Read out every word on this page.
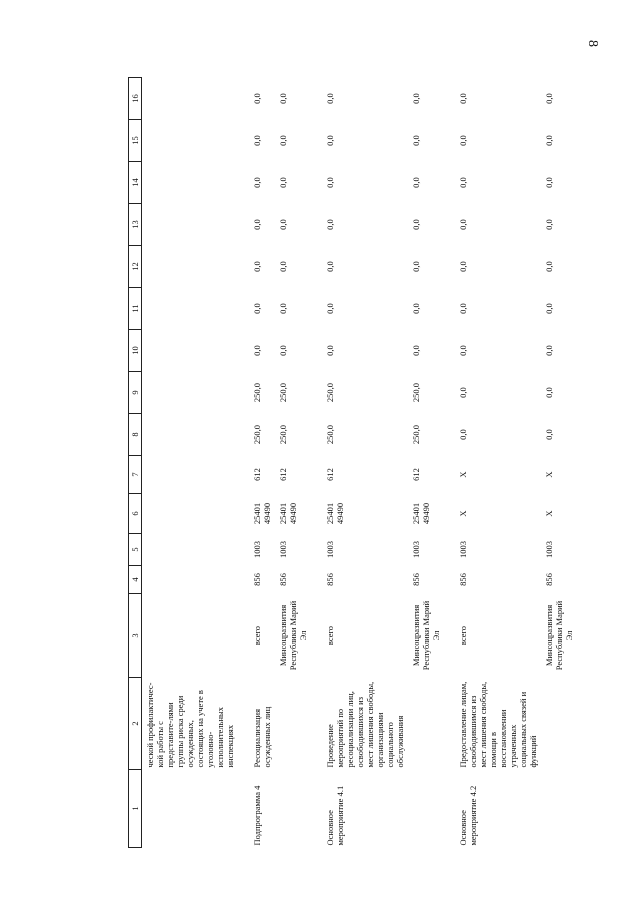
8
1	2	3	4	5	6	7	8	9	10	11	12	13	14	15	16
	ческой профилактичес-кой работы с представите-лями группы риска среди осужденных, состоящих на учете в уголовно-исполнительных инспекциях														
Подпрограмма 4	Ресоциализация осужденных лиц	всего	856	1003	25401 49490	612	250,0	250,0	0,0	0,0	0,0	0,0	0,0	0,0	0,0
		Минсоцразвития Республики Марий Эл	856	1003	25401 49490	612	250,0	250,0	0,0	0,0	0,0	0,0	0,0	0,0	0,0
Основное мероприятие 4.1	Проведение мероприятий по ресоциализации лиц, освободившихся из мест лишения свободы, организациями социального обслуживания	всего	856	1003	25401 49490	612	250,0	250,0	0,0	0,0	0,0	0,0	0,0	0,0	0,0
		Минсоцразвития Республики Марий Эл	856	1003	25401 49490	612	250,0	250,0	0,0	0,0	0,0	0,0	0,0	0,0	0,0
Основное мероприятие 4.2	Предоставление лицам, освободившимся из мест лишения свободы, помощи в восстановлении утраченных социальных связей и функций	всего	856	1003	Х	Х	0,0	0,0	0,0	0,0	0,0	0,0	0,0	0,0	0,0
		Минсоцразвития Республики Марий Эл	856	1003	Х	Х	0,0	0,0	0,0	0,0	0,0	0,0	0,0	0,0	0,0
